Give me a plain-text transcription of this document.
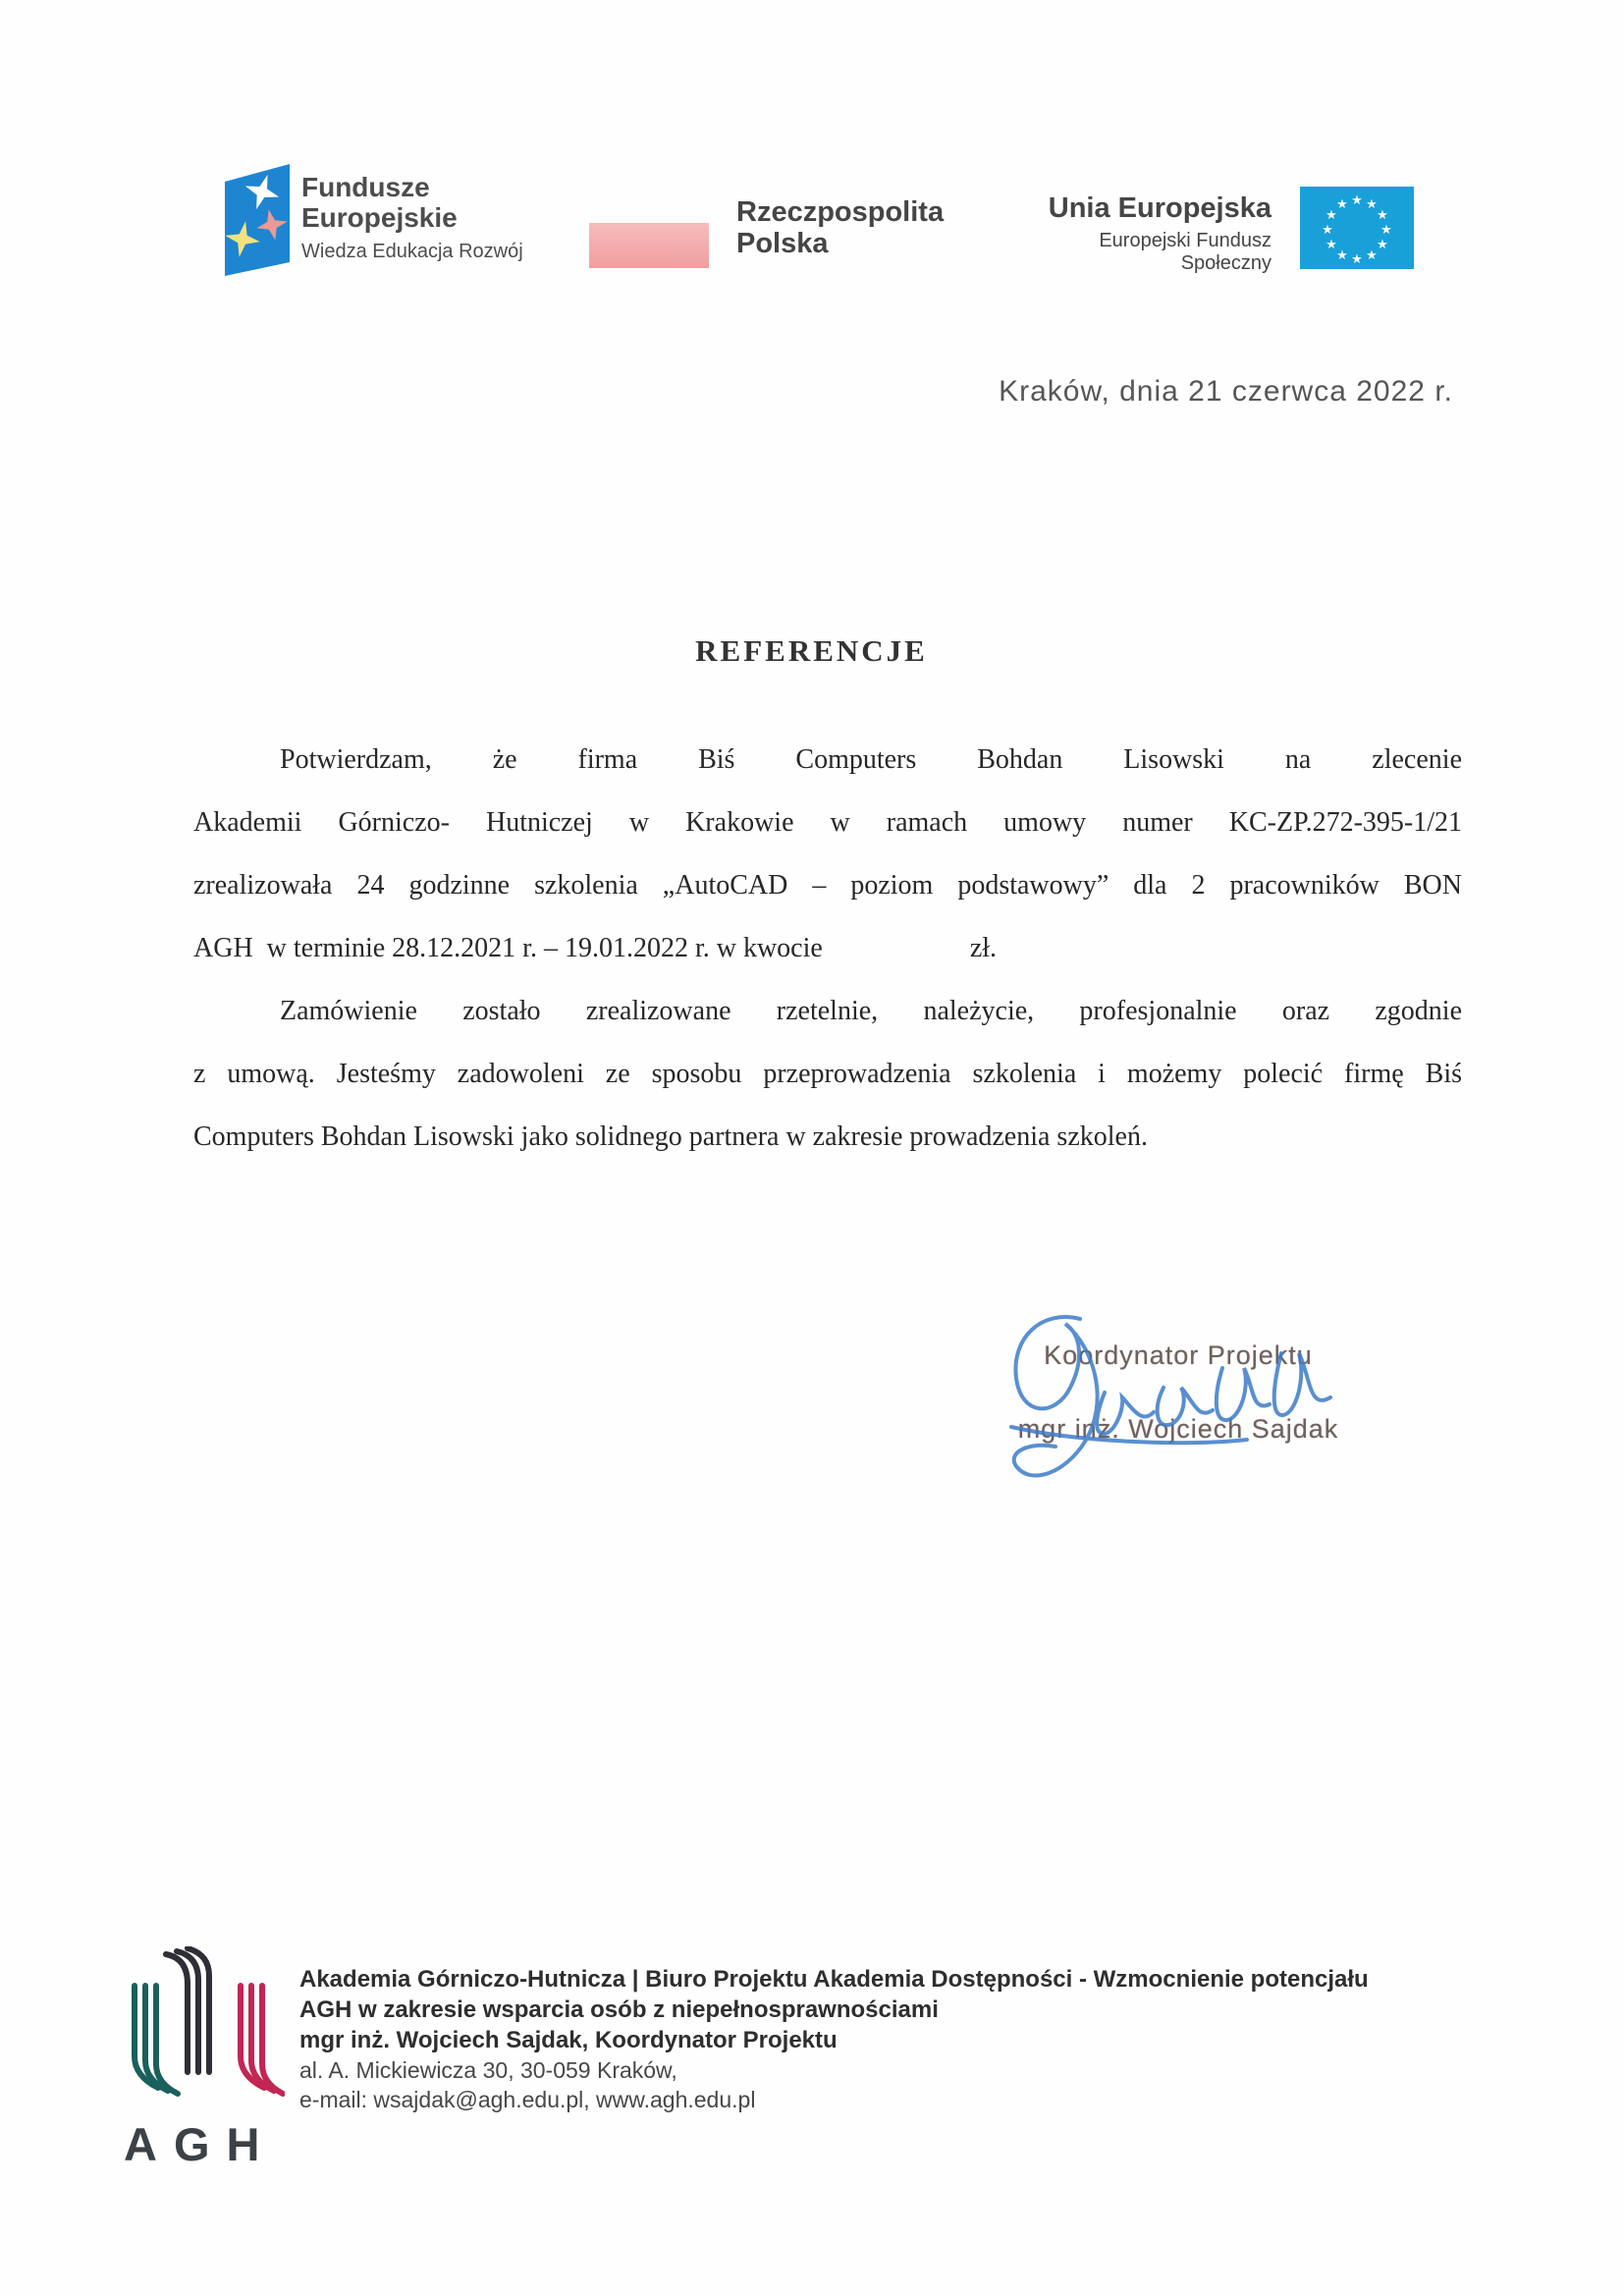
Fundusze
Europejskie
Wiedza Edukacja Rozwój
Rzeczpospolita
Polska
Unia Europejska
Europejski Fundusz Społeczny
★ ★
★
★
★
★
★
★
★
★
★
★
Kraków, dnia 21 czerwca 2022 r.
REFERENCJE
Potwierdzam, że firma Biś Computers Bohdan Lisowski na zlecenie
Akademii Górniczo- Hutniczej w Krakowie w ramach umowy numer KC-ZP.272-395-1/21
zrealizowała 24 godzinne szkolenia „AutoCAD – poziom podstawowy” dla 2 pracowników BON
AGH  w terminie 28.12.2021 r. – 19.01.2022 r. w kwocie	zł.
Zamówienie zostało zrealizowane rzetelnie, należycie, profesjonalnie oraz zgodnie
z umową. Jesteśmy zadowoleni ze sposobu przeprowadzenia szkolenia i możemy polecić firmę Biś
Computers Bohdan Lisowski jako solidnego partnera w zakresie prowadzenia szkoleń.
Koordynator Projektu
mgr inż. Wojciech Sajdak
AGH
Akademia Górniczo-Hutnicza | Biuro Projektu Akademia Dostępności - Wzmocnienie potencjału
AGH w zakresie wsparcia osób z niepełnosprawnościami
mgr inż. Wojciech Sajdak, Koordynator Projektu
al. A. Mickiewicza 30, 30-059 Kraków,
e-mail: wsajdak@agh.edu.pl, www.agh.edu.pl
